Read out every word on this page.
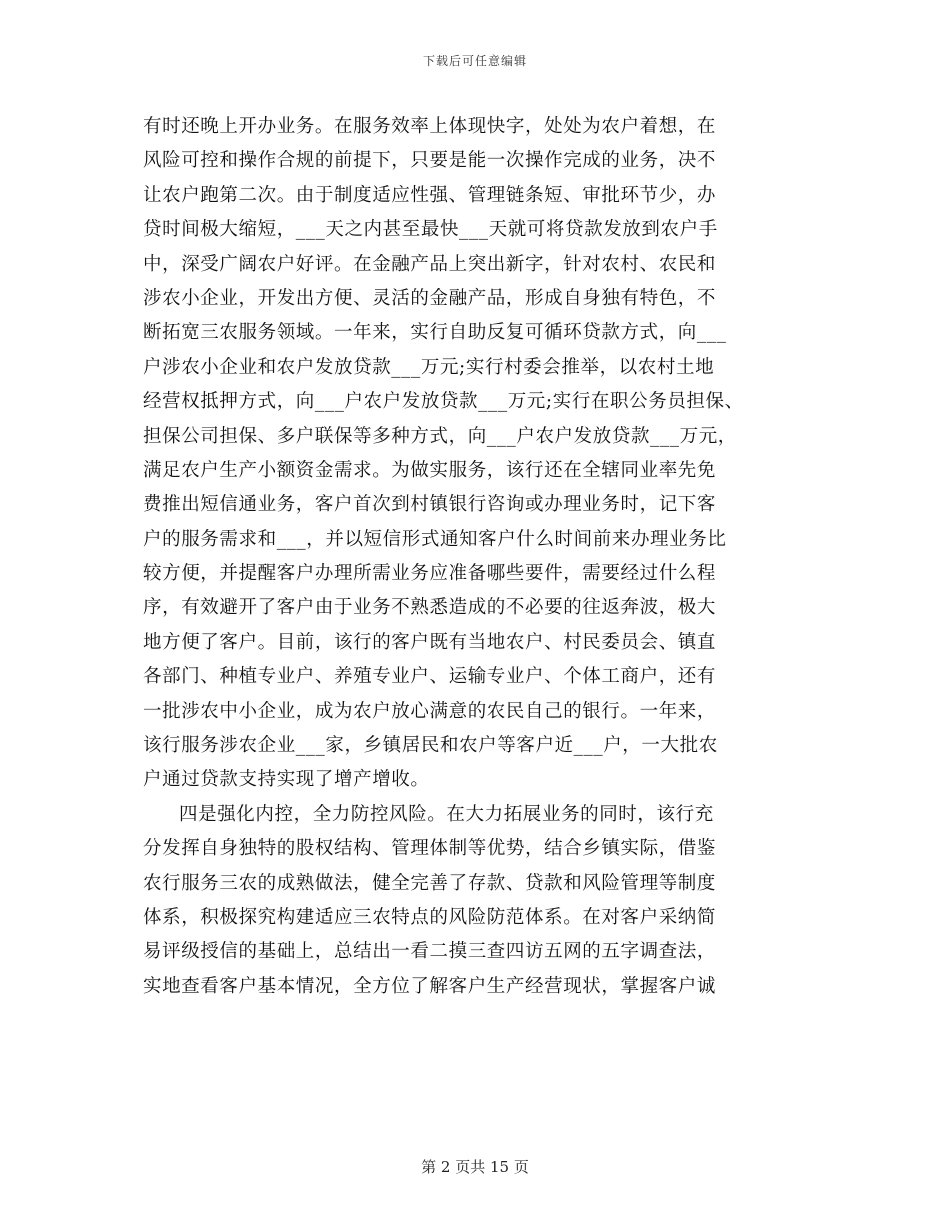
下载后可任意编辑
有时还晚上开办业务。在服务效率上体现快字，处处为农户着想，在
风险可控和操作合规的前提下，只要是能一次操作完成的业务，决不
让农户跑第二次。由于制度适应性强、管理链条短、审批环节少，办
贷时间极大缩短，___天之内甚至最快___天就可将贷款发放到农户手
中，深受广阔农户好评。在金融产品上突出新字，针对农村、农民和
涉农小企业，开发出方便、灵活的金融产品，形成自身独有特色，不
断拓宽三农服务领域。一年来，实行自助反复可循环贷款方式，向___
户涉农小企业和农户发放贷款___万元;实行村委会推举，以农村土地
经营权抵押方式，向___户农户发放贷款___万元;实行在职公务员担保、
担保公司担保、多户联保等多种方式，向___户农户发放贷款___万元，
满足农户生产小额资金需求。为做实服务，该行还在全辖同业率先免
费推出短信通业务，客户首次到村镇银行咨询或办理业务时，记下客
户的服务需求和___，并以短信形式通知客户什么时间前来办理业务比
较方便，并提醒客户办理所需业务应准备哪些要件，需要经过什么程
序，有效避开了客户由于业务不熟悉造成的不必要的往返奔波，极大
地方便了客户。目前，该行的客户既有当地农户、村民委员会、镇直
各部门、种植专业户、养殖专业户、运输专业户、个体工商户，还有
一批涉农中小企业，成为农户放心满意的农民自己的银行。一年来，
该行服务涉农企业___家，乡镇居民和农户等客户近___户，一大批农
户通过贷款支持实现了增产增收。
四是强化内控，全力防控风险。在大力拓展业务的同时，该行充
分发挥自身独特的股权结构、管理体制等优势，结合乡镇实际，借鉴
农行服务三农的成熟做法，健全完善了存款、贷款和风险管理等制度
体系，积极探究构建适应三农特点的风险防范体系。在对客户采纳简
易评级授信的基础上，总结出一看二摸三查四访五网的五字调查法，
实地查看客户基本情况，全方位了解客户生产经营现状，掌握客户诚
第 2 页共 15 页
